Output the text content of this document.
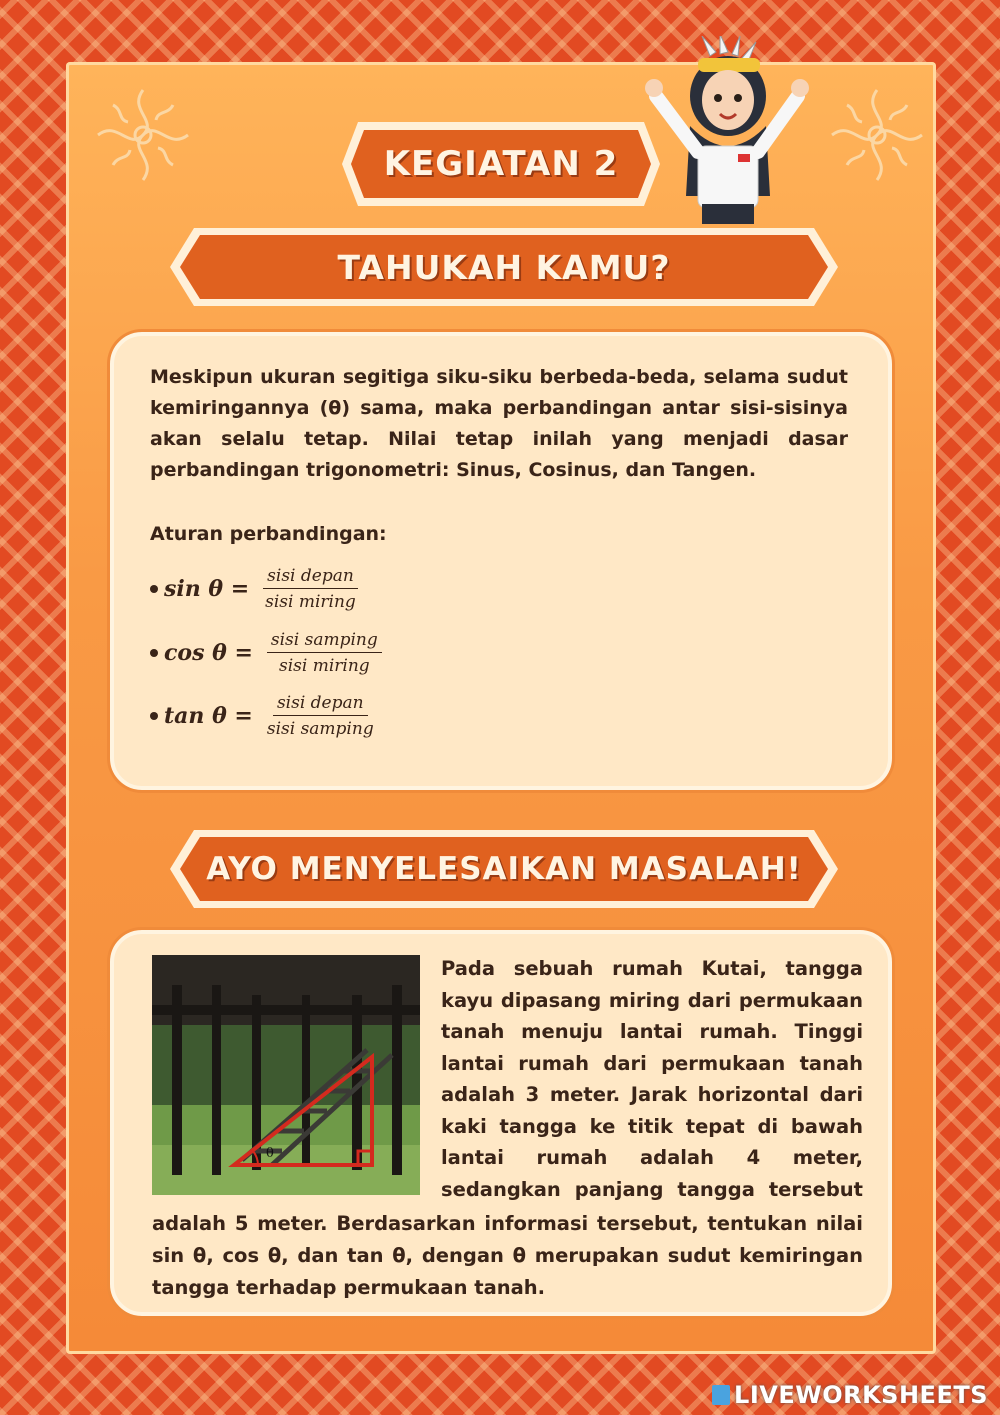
KEGIATAN 2
TAHUKAH KAMU?
Meskipun ukuran segitiga siku-siku berbeda-beda, selama sudut kemiringannya (θ) sama, maka perbandingan antar sisi-sisinya akan selalu tetap. Nilai tetap inilah yang menjadi dasar perbandingan trigonometri: Sinus, Cosinus, dan Tangen.
Aturan perbandingan:
$\sin \theta = \frac{\text{sisi depan}}{\text{sisi miring}}$
$\cos \theta = \frac{\text{sisi samping}}{\text{sisi miring}}$
$\tan \theta = \frac{\text{sisi depan}}{\text{sisi samping}}$
AYO MENYELESAIKAN MASALAH!
θ
Pada sebuah rumah Kutai, tangga
kayu dipasang miring dari permukaan
tanah menuju lantai rumah. Tinggi
lantai rumah dari permukaan tanah
adalah 3 meter. Jarak horizontal dari
kaki tangga ke titik tepat di bawah
lantai rumah adalah 4 meter,
sedangkan panjang tangga tersebut
adalah 5 meter. Berdasarkan informasi tersebut, tentukan nilai
sin θ, cos θ, dan tan θ, dengan θ merupakan sudut kemiringan
tangga terhadap permukaan tanah.
LIVEWORKSHEETS
